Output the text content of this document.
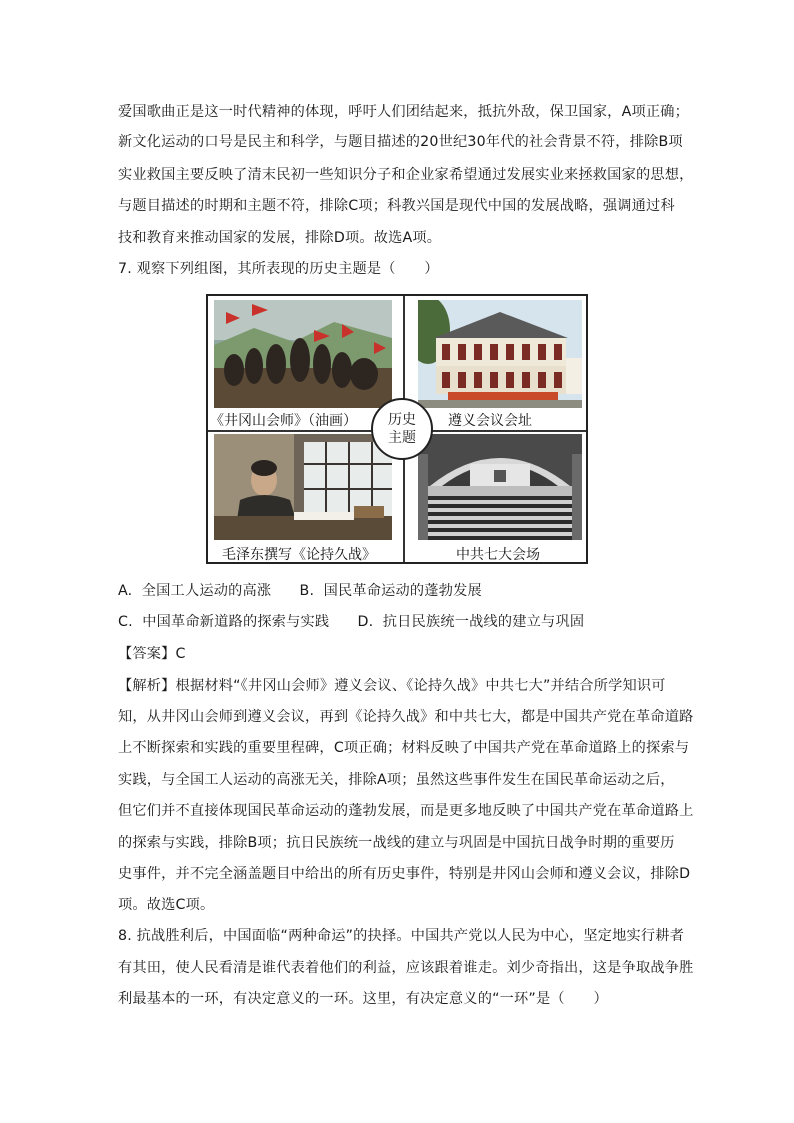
爱国歌曲正是这一时代精神的体现，呼吁人们团结起来，抵抗外敌，保卫国家，A项正确；
新文化运动的口号是民主和科学，与题目描述的20世纪30年代的社会背景不符，排除B项
实业救国主要反映了清末民初一些知识分子和企业家希望通过发展实业来拯救国家的思想，
与题目描述的时期和主题不符，排除C项；科教兴国是现代中国的发展战略，强调通过科
技和教育来推动国家的发展，排除D项。故选A项。
7. 观察下列组图，其所表现的历史主题是（　　）
《井冈山会师》（油画）	遵义会议会址
毛泽东撰写《论持久战》	中共七大会场
历史
主题
A.  全国工人运动的高涨      B.  国民革命运动的蓬勃发展
C.  中国革命新道路的探索与实践      D.  抗日民族统一战线的建立与巩固
【答案】C
【解析】根据材料“《井冈山会师》遵义会议、《论持久战》中共七大”并结合所学知识可
知，从井冈山会师到遵义会议，再到《论持久战》和中共七大，都是中国共产党在革命道路
上不断探索和实践的重要里程碑，C项正确；材料反映了中国共产党在革命道路上的探索与
实践，与全国工人运动的高涨无关，排除A项；虽然这些事件发生在国民革命运动之后，
但它们并不直接体现国民革命运动的蓬勃发展，而是更多地反映了中国共产党在革命道路上
的探索与实践，排除B项；抗日民族统一战线的建立与巩固是中国抗日战争时期的重要历
史事件，并不完全涵盖题目中给出的所有历史事件，特别是井冈山会师和遵义会议，排除D
项。故选C项。
8. 抗战胜利后，中国面临“两种命运”的抉择。中国共产党以人民为中心，坚定地实行耕者
有其田，使人民看清是谁代表着他们的利益，应该跟着谁走。刘少奇指出，这是争取战争胜
利最基本的一环，有决定意义的一环。这里，有决定意义的“一环”是（　　）
